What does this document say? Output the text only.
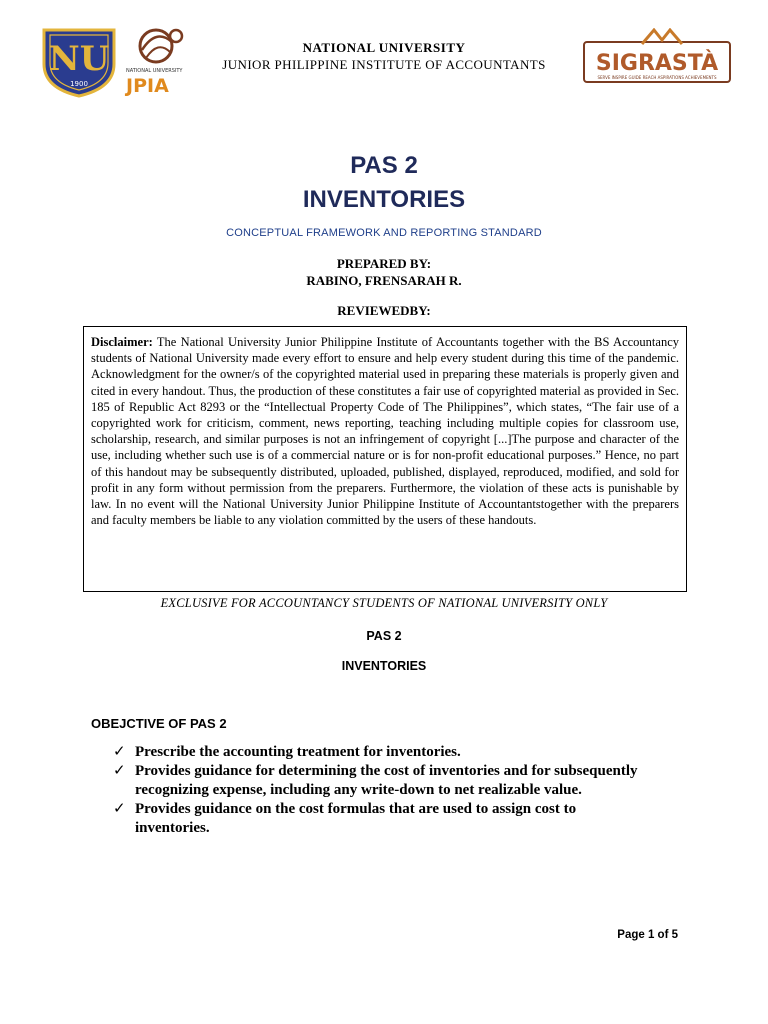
NU
1900
NATIONAL UNIVERSITY
JPIA
NATIONAL UNIVERSITY
JUNIOR PHILIPPINE INSTITUTE OF ACCOUNTANTS	SIGRASTÀ
SERVE INSPIRE GUIDE REACH ASPIRATIONS ACHIEVEMENTS
PAS 2
INVENTORIES
CONCEPTUAL FRAMEWORK AND REPORTING STANDARD
PREPARED BY:
RABINO, FRENSARAH R.
REVIEWEDBY:
Disclaimer: The National University Junior Philippine Institute of Accountants together with the BS Accountancy students of National University made every effort to ensure and help every student during this time of the pandemic. Acknowledgment for the owner/s of the copyrighted material used in preparing these materials is properly given and cited in every handout. Thus, the production of these constitutes a fair use of copyrighted material as provided in Sec. 185 of Republic Act 8293 or the “Intellectual Property Code of The Philippines”, which states, “The fair use of a copyrighted work for criticism, comment, news reporting, teaching including multiple copies for classroom use, scholarship, research, and similar purposes is not an infringement of copyright [...]The purpose and character of the use, including whether such use is of a commercial nature or is for non-profit educational purposes.” Hence, no part of this handout may be subsequently distributed, uploaded, published, displayed, reproduced, modified, and sold for profit in any form without permission from the preparers. Furthermore, the violation of these acts is punishable by law. In no event will the National University Junior Philippine Institute of Accountantstogether with the preparers and faculty members be liable to any violation committed by the users of these handouts.
EXCLUSIVE FOR ACCOUNTANCY STUDENTS OF NATIONAL UNIVERSITY ONLY
PAS 2
INVENTORIES
OBEJCTIVE OF PAS 2
✓ Prescribe the accounting treatment for inventories.
✓ Provides guidance for determining the cost of inventories and for subsequently recognizing expense, including any write-down to net realizable value.
✓ Provides guidance on the cost formulas that are used to assign cost to inventories.
Page 1 of 5
